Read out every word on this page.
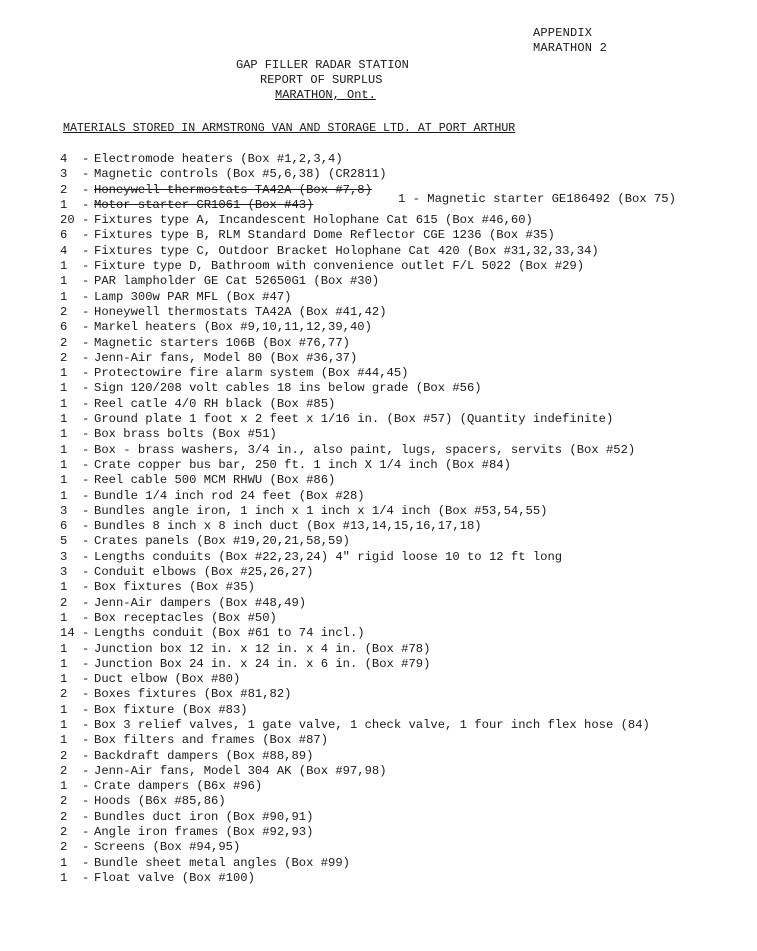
APPENDIX
MARATHON 2
GAP FILLER RADAR STATION
REPORT OF SURPLUS
MARATHON, Ont.
MATERIALS STORED IN ARMSTRONG VAN AND STORAGE LTD. AT PORT ARTHUR
4 - Electromode heaters (Box #1,2,3,4)
3 - Magnetic controls (Box #5,6,38) (CR2811)
2 - Honeywell thermostats TA42A (Box #7,8)
1 - Motor starter CR1061 (Box #43)
20 - Fixtures type A, Incandescent Holophane Cat 615 (Box #46,60)
6 - Fixtures type B, RLM Standard Dome Reflector CGE 1236 (Box #35)
4 - Fixtures type C, Outdoor Bracket Holophane Cat 420 (Box #31,32,33,34)
1 - Fixture type D, Bathroom with convenience outlet F/L 5022 (Box #29)
1 - PAR lampholder GE Cat 52650G1 (Box #30)
1 - Lamp 300w PAR MFL (Box #47)
2 - Honeywell thermostats TA42A (Box #41,42)
6 - Markel heaters (Box #9,10,11,12,39,40)
2 - Magnetic starters 106B (Box #76,77)
2 - Jenn-Air fans, Model 80 (Box #36,37)
1 - Protectowire fire alarm system (Box #44,45)
1 - Sign 120/208 volt cables 18 ins below grade (Box #56)
1 - Reel catle 4/0 RH black (Box #85)
1 - Ground plate 1 foot x 2 feet x 1/16 in. (Box #57) (Quantity indefinite)
1 - Box brass bolts (Box #51)
1 - Box - brass washers, 3/4 in., also paint, lugs, spacers, servits (Box #52)
1 - Crate copper bus bar, 250 ft. 1 inch X 1/4 inch (Box #84)
1 - Reel cable 500 MCM RHWU (Box #86)
1 - Bundle 1/4 inch rod 24 feet (Box #28)
3 - Bundles angle iron, 1 inch x 1 inch x 1/4 inch (Box #53,54,55)
6 - Bundles 8 inch x 8 inch duct (Box #13,14,15,16,17,18)
5 - Crates panels (Box #19,20,21,58,59)
3 - Lengths conduits (Box #22,23,24) 4" rigid loose 10 to 12 ft long
3 - Conduit elbows (Box #25,26,27)
1 - Box fixtures (Box #35)
2 - Jenn-Air dampers (Box #48,49)
1 - Box receptacles (Box #50)
14 - Lengths conduit (Box #61 to 74 incl.)
1 - Junction box 12 in. x 12 in. x 4 in. (Box #78)
1 - Junction Box 24 in. x 24 in. x 6 in. (Box #79)
1 - Duct elbow (Box #80)
2 - Boxes fixtures (Box #81,82)
1 - Box fixture (Box #83)
1 - Box 3 relief valves, 1 gate valve, 1 check valve, 1 four inch flex hose (84)
1 - Box filters and frames (Box #87)
2 - Backdraft dampers (Box #88,89)
2 - Jenn-Air fans, Model 304 AK (Box #97,98)
1 - Crate dampers (B6x #96)
2 - Hoods (B6x #85,86)
2 - Bundles duct iron (Box #90,91)
2 - Angle iron frames (Box #92,93)
2 - Screens (Box #94,95)
1 - Bundle sheet metal angles (Box #99)
1 - Float valve (Box #100)
1 - Magnetic starter GE186492 (Box 75)
